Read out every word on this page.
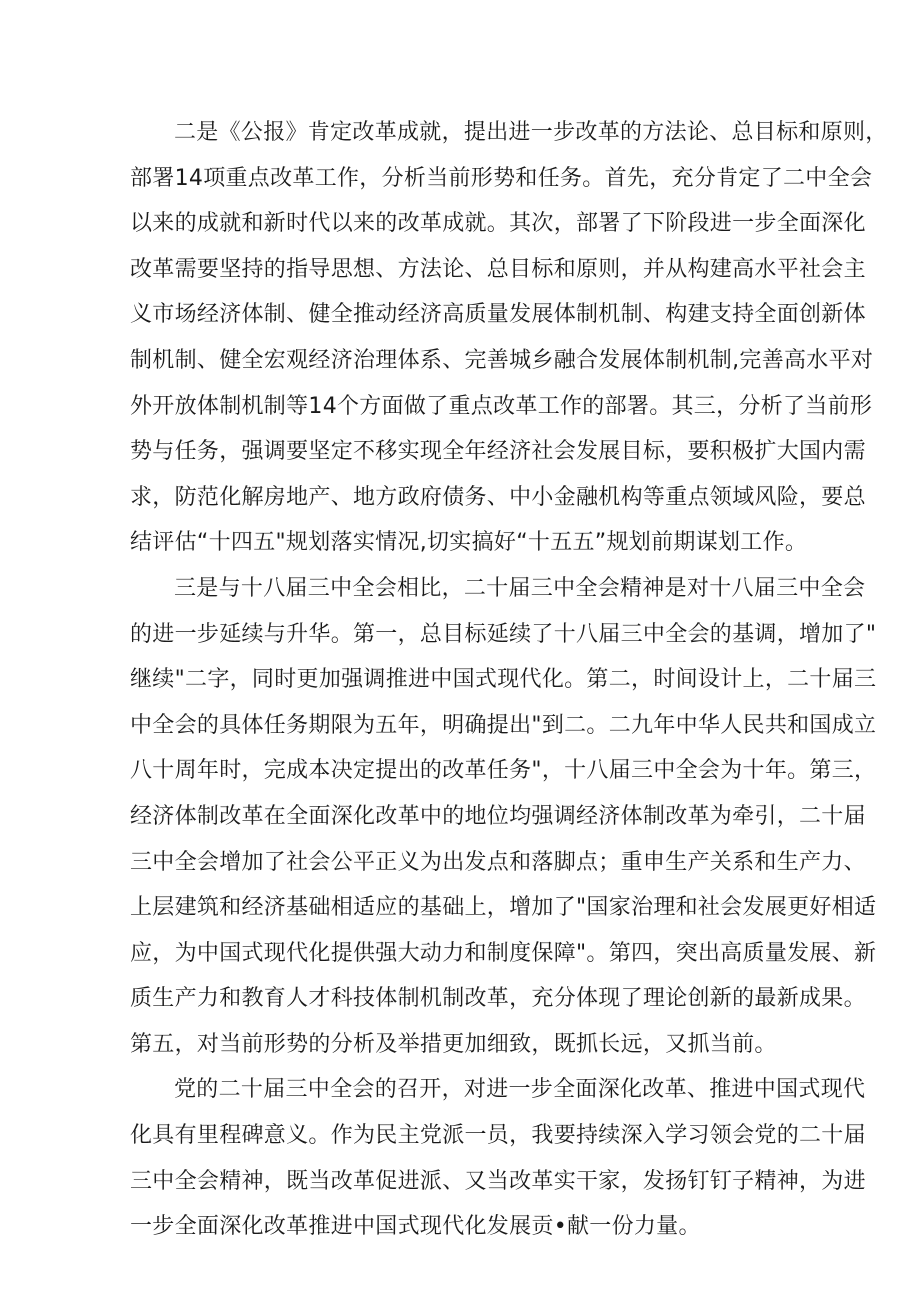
二是《公报》肯定改革成就，提出进一步改革的方法论、总目标和原则，
部署14项重点改革工作，分析当前形势和任务。首先，充分肯定了二中全会
以来的成就和新时代以来的改革成就。其次，部署了下阶段进一步全面深化
改革需要坚持的指导思想、方法论、总目标和原则，并从构建高水平社会主
义市场经济体制、健全推动经济高质量发展体制机制、构建支持全面创新体
制机制、健全宏观经济治理体系、完善城乡融合发展体制机制,完善高水平对
外开放体制机制等14个方面做了重点改革工作的部署。其三，分析了当前形
势与任务，强调要坚定不移实现全年经济社会发展目标，要积极扩大国内需
求，防范化解房地产、地方政府债务、中小金融机构等重点领域风险，要总
结评估“十四五"规划落实情况,切实搞好“十五五”规划前期谋划工作。
三是与十八届三中全会相比，二十届三中全会精神是对十八届三中全会
的进一步延续与升华。第一，总目标延续了十八届三中全会的基调，增加了"
继续"二字，同时更加强调推进中国式现代化。第二，时间设计上，二十届三
中全会的具体任务期限为五年，明确提出"到二。二九年中华人民共和国成立
八十周年时，完成本决定提出的改革任务"，十八届三中全会为十年。第三，
经济体制改革在全面深化改革中的地位均强调经济体制改革为牵引，二十届
三中全会增加了社会公平正义为出发点和落脚点；重申生产关系和生产力、
上层建筑和经济基础相适应的基础上，增加了"国家治理和社会发展更好相适
应，为中国式现代化提供强大动力和制度保障"。第四，突出高质量发展、新
质生产力和教育人才科技体制机制改革，充分体现了理论创新的最新成果。
第五，对当前形势的分析及举措更加细致，既抓长远，又抓当前。
党的二十届三中全会的召开，对进一步全面深化改革、推进中国式现代
化具有里程碑意义。作为民主党派一员，我要持续深入学习领会党的二十届
三中全会精神，既当改革促进派、又当改革实干家，发扬钉钉子精神，为进
一步全面深化改革推进中国式现代化发展贡•献一份力量。
